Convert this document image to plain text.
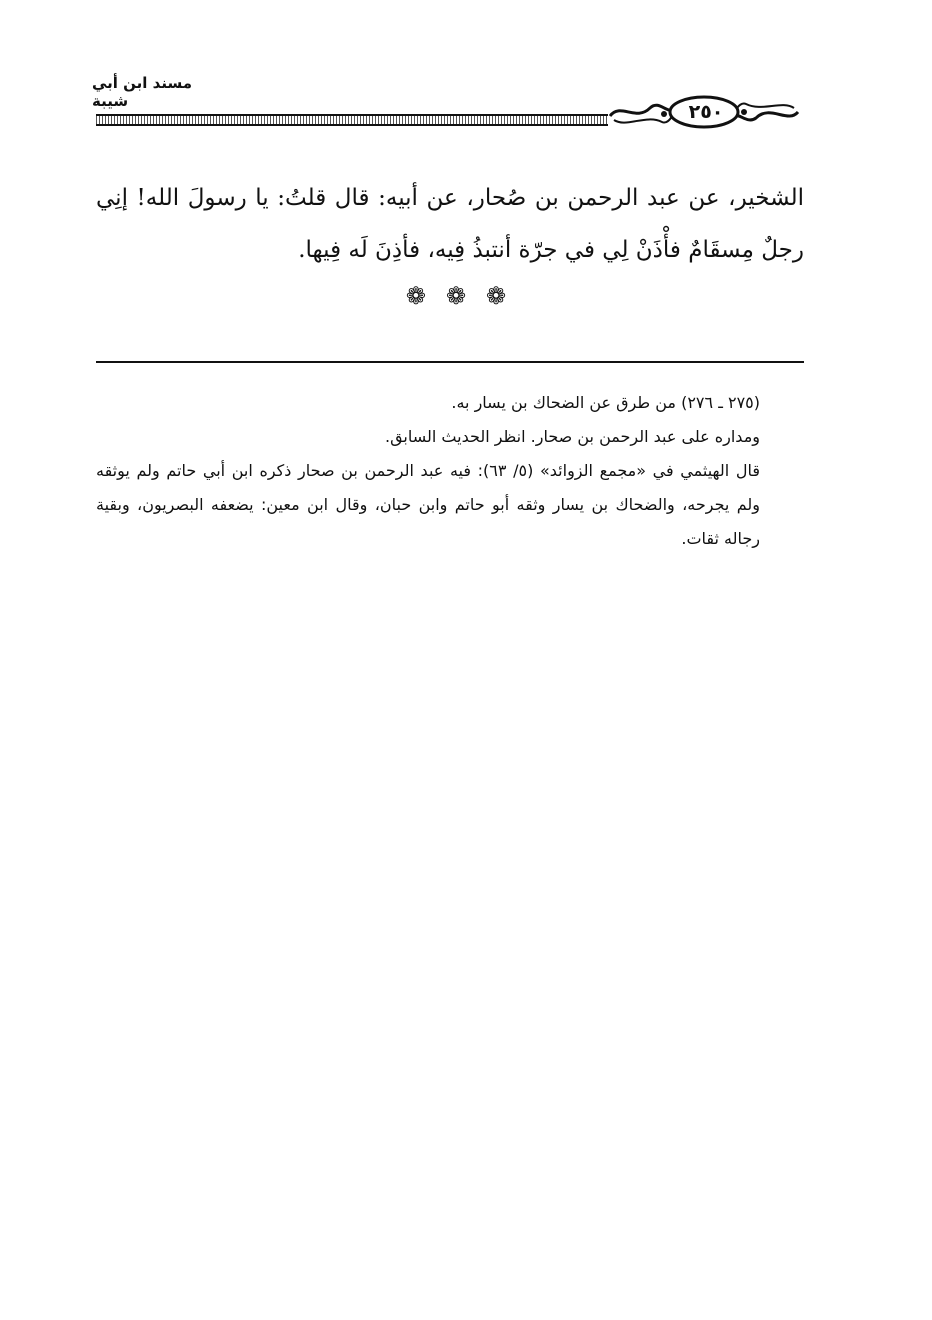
مسند ابن أبي شيبة	٢٥٠
الشخير، عن عبد الرحمن بن صُحار، عن أبيه: قال قلتُ: يا رسولَ الله! إنِي رجلٌ مِسقَامٌ فأْذَنْ لِي في جرّة أنتبذُ فِيه، فأذِنَ لَه فِيها.
❁❁❁

(٢٧٥ ـ ٢٧٦) من طرق عن الضحاك بن يسار به.

ومداره على عبد الرحمن بن صحار. انظر الحديث السابق.

قال الهيثمي في «مجمع الزوائد» (٥/ ٦٣): فيه عبد الرحمن بن صحار ذكره ابن أبي حاتم ولم يوثقه ولم يجرحه، والضحاك بن يسار وثقه أبو حاتم وابن حبان، وقال ابن معين: يضعفه البصريون، وبقية رجاله ثقات.
